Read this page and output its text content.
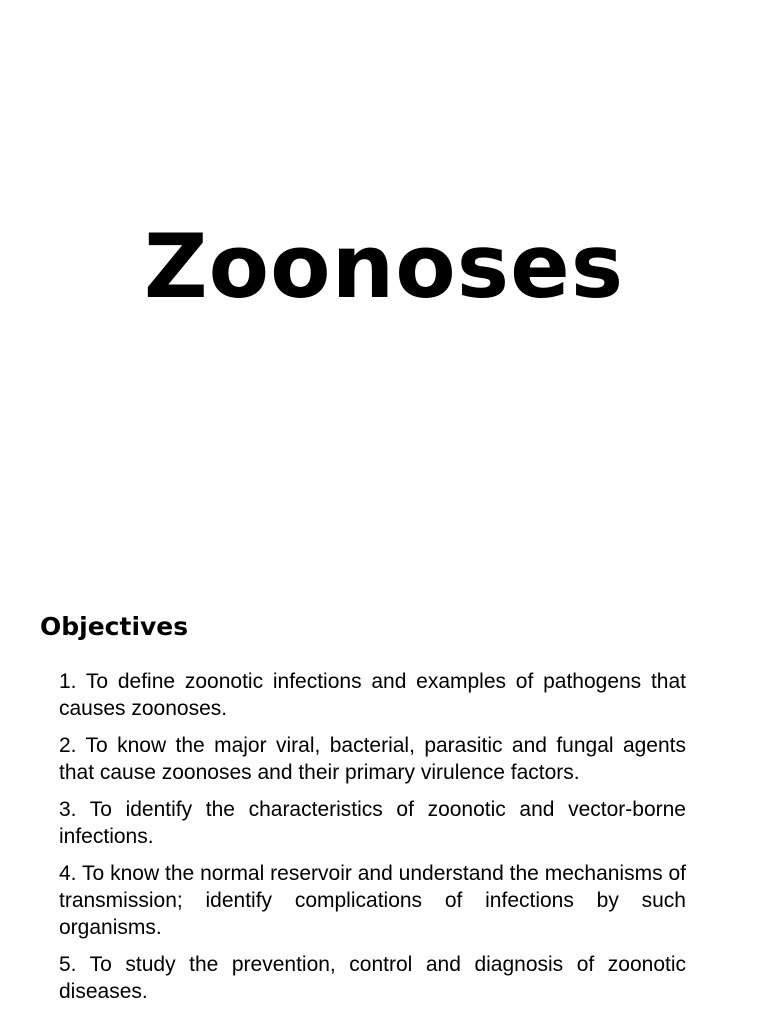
Zoonoses
Objectives
1. To define zoonotic infections and examples of pathogens that causes zoonoses.
2. To know the major viral, bacterial, parasitic and fungal agents that cause zoonoses and their primary virulence factors.
3. To identify the characteristics of zoonotic and vector-borne infections.
4. To know the normal reservoir and understand the mechanisms of transmission; identify complications of infections by such organisms.
5. To study the prevention, control and diagnosis of zoonotic diseases.
